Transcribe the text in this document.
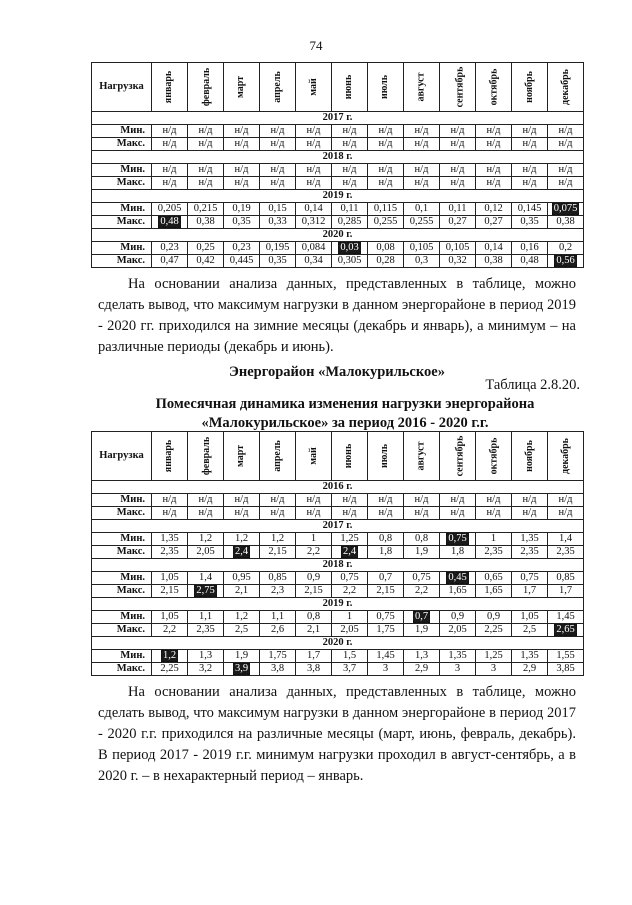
74
Нагрузка	январь	февраль	март	апрель	май	июнь	июль	август	сентябрь	октябрь	ноябрь	декабрь
2017 г.												
Мин.	н/д	н/д	н/д	н/д	н/д	н/д	н/д	н/д	н/д	н/д	н/д	н/д
Макс.	н/д	н/д	н/д	н/д	н/д	н/д	н/д	н/д	н/д	н/д	н/д	н/д
2018 г.												
Мин.	н/д	н/д	н/д	н/д	н/д	н/д	н/д	н/д	н/д	н/д	н/д	н/д
Макс.	н/д	н/д	н/д	н/д	н/д	н/д	н/д	н/д	н/д	н/д	н/д	н/д
2019 г.												
Мин.	0,205	0,215	0,19	0,15	0,14	0,11	0,115	0,1	0,11	0,12	0,145	0,075
Макс.	0,48	0,38	0,35	0,33	0,312	0,285	0,255	0,255	0,27	0,27	0,35	0,38
2020 г.												
Мин.	0,23	0,25	0,23	0,195	0,084	0,03	0,08	0,105	0,105	0,14	0,16	0,2
Макс.	0,47	0,42	0,445	0,35	0,34	0,305	0,28	0,3	0,32	0,38	0,48	0,56
На основании анализа данных, представленных в таблице, можно сделать вывод, что максимум нагрузки в данном энергорайоне в период 2019 - 2020 гг. приходился на зимние месяцы (декабрь и январь), а минимум – на различные периоды (декабрь и июнь).
Энергорайон «Малокурильское»
Таблица 2.8.20.
Помесячная динамика изменения нагрузки энергорайона «Малокурильское» за период 2016 - 2020 г.г.
Нагрузка	январь	февраль	март	апрель	май	июнь	июль	август	сентябрь	октябрь	ноябрь	декабрь
2016 г.												
Мин.	н/д	н/д	н/д	н/д	н/д	н/д	н/д	н/д	н/д	н/д	н/д	н/д
Макс.	н/д	н/д	н/д	н/д	н/д	н/д	н/д	н/д	н/д	н/д	н/д	н/д
2017 г.												
Мин.	1,35	1,2	1,2	1,2	1	1,25	0,8	0,8	0,75	1	1,35	1,4
Макс.	2,35	2,05	2,4	2,15	2,2	2,4	1,8	1,9	1,8	2,35	2,35	2,35
2018 г.												
Мин.	1,05	1,4	0,95	0,85	0,9	0,75	0,7	0,75	0,45	0,65	0,75	0,85
Макс.	2,15	2,75	2,1	2,3	2,15	2,2	2,15	2,2	1,65	1,65	1,7	1,7
2019 г.												
Мин.	1,05	1,1	1,2	1,1	0,8	1	0,75	0,7	0,9	0,9	1,05	1,45
Макс.	2,2	2,35	2,5	2,6	2,1	2,05	1,75	1,9	2,05	2,25	2,5	2,65
2020 г.												
Мин.	1,2	1,3	1,9	1,75	1,7	1,5	1,45	1,3	1,35	1,25	1,35	1,55
Макс.	2,25	3,2	3,9	3,8	3,8	3,7	3	2,9	3	3	2,9	3,85
На основании анализа данных, представленных в таблице, можно сделать вывод, что максимум нагрузки в данном энергорайоне в период 2017 - 2020 г.г. приходился на различные месяцы (март, июнь, февраль, декабрь). В период 2017 - 2019 г.г. минимум нагрузки проходил в август-сентябрь, а в 2020 г. – в нехарактерный период – январь.
